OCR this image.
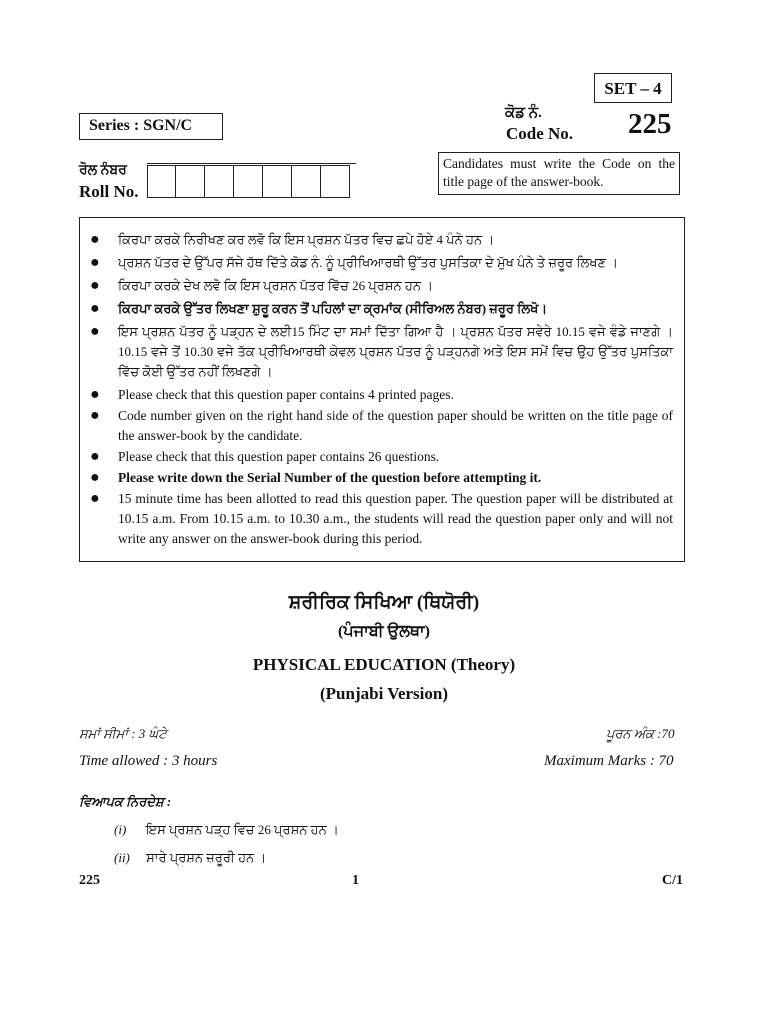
SET – 4
Series : SGN/C
ਕੋਡ ਨੰ.
Code No. 225
Candidates must write the Code on the title page of the answer-book.
ਰੋਲ ਨੰਬਰ
Roll No.
● ਕਿਰਪਾ ਕਰਕੇ ਨਿਰੀਖਣ ਕਰ ਲਵੋ ਕਿ ਇਸ ਪ੍ਰਸ਼ਨ ਪੱਤਰ ਵਿਚ ਛਪੇ ਹੋਏ 4 ਪੰਨੇ ਹਨ ।
● ਪ੍ਰਸ਼ਨ ਪੱਤਰ ਦੇ ਉੱਪਰ ਸੱਜੇ ਹੱਥ ਦਿੱਤੇ ਕੋਡ ਨੰ. ਨੂੰ ਪ੍ਰੀਖਿਆਰਥੀ ਉੱਤਰ ਪੁਸਤਿਕਾ ਦੇ ਮੁੱਖ ਪੰਨੇ ਤੇ ਜ਼ਰੂਰ ਲਿਖਣ ।
● ਕਿਰਪਾ ਕਰਕੇ ਦੇਖ ਲਵੋ ਕਿ ਇਸ ਪ੍ਰਸ਼ਨ ਪੱਤਰ ਵਿੱਚ 26 ਪ੍ਰਸ਼ਨ ਹਨ ।
● ਕਿਰਪਾ ਕਰਕੇ ਉੱਤਰ ਲਿਖਣਾ ਸ਼ੁਰੂ ਕਰਨ ਤੋਂ ਪਹਿਲਾਂ ਦਾ ਕ੍ਰਮਾਂਕ (ਸੀਰਿਅਲ ਨੰਬਰ) ਜ਼ਰੂਰ ਲਿਖੋ।
● ਇਸ ਪ੍ਰਸ਼ਨ ਪੱਤਰ ਨੂੰ ਪੜ੍ਹਨ ਦੇ ਲਈ15 ਮਿੰਟ ਦਾ ਸਮਾਂ ਦਿੱਤਾ ਗਿਆ ਹੈ । ਪ੍ਰਸ਼ਨ ਪੱਤਰ ਸਵੇਰੇ 10.15 ਵਜੇ ਵੰਡੇ ਜਾਣਗੇ । 10.15 ਵਜੇ ਤੋਂ 10.30 ਵਜੇ ਤੱਕ ਪ੍ਰੀਖਿਆਰਥੀ ਕੇਵਲ ਪ੍ਰਸ਼ਨ ਪੱਤਰ ਨੂੰ ਪੜ੍ਹਨਗੇ ਅਤੇ ਇਸ ਸਮੇਂ ਵਿਚ ਉਹ ਉੱਤਰ ਪੁਸਤਿਕਾ ਵਿੱਚ ਕੋਈ ਉੱਤਰ ਨਹੀਂ ਲਿਖਣਗੇ ।
● Please check that this question paper contains 4 printed pages.
● Code number given on the right hand side of the question paper should be written on the title page of the answer-book by the candidate.
● Please check that this question paper contains 26 questions.
● Please write down the Serial Number of the question before attempting it.
● 15 minute time has been allotted to read this question paper. The question paper will be distributed at 10.15 a.m. From 10.15 a.m. to 10.30 a.m., the students will read the question paper only and will not write any answer on the answer-book during this period.
ਸ਼ਰੀਰਿਕ ਸਿਖਿਆ (ਥਿਯੋਰੀ)
(ਪੰਜਾਬੀ ਉਲਥਾ)
PHYSICAL EDUCATION (Theory)
(Punjabi Version)
ਸਮਾਂ ਸੀਮਾਂ : 3 ਘੰਟੇ	ਪੂਰਨ ਅੰਕ :70
Time allowed : 3 hours	Maximum Marks : 70
ਵਿਆਪਕ ਨਿਰਦੇਸ਼ :
(i) ਇਸ ਪ੍ਰਸ਼ਨ ਪੜ੍ਹ ਵਿਚ 26 ਪ੍ਰਸ਼ਨ ਹਨ ।
(ii) ਸਾਰੇ ਪ੍ਰਸ਼ਨ ਜ਼ਰੂਰੀ ਹਨ ।
225	1	C/1
